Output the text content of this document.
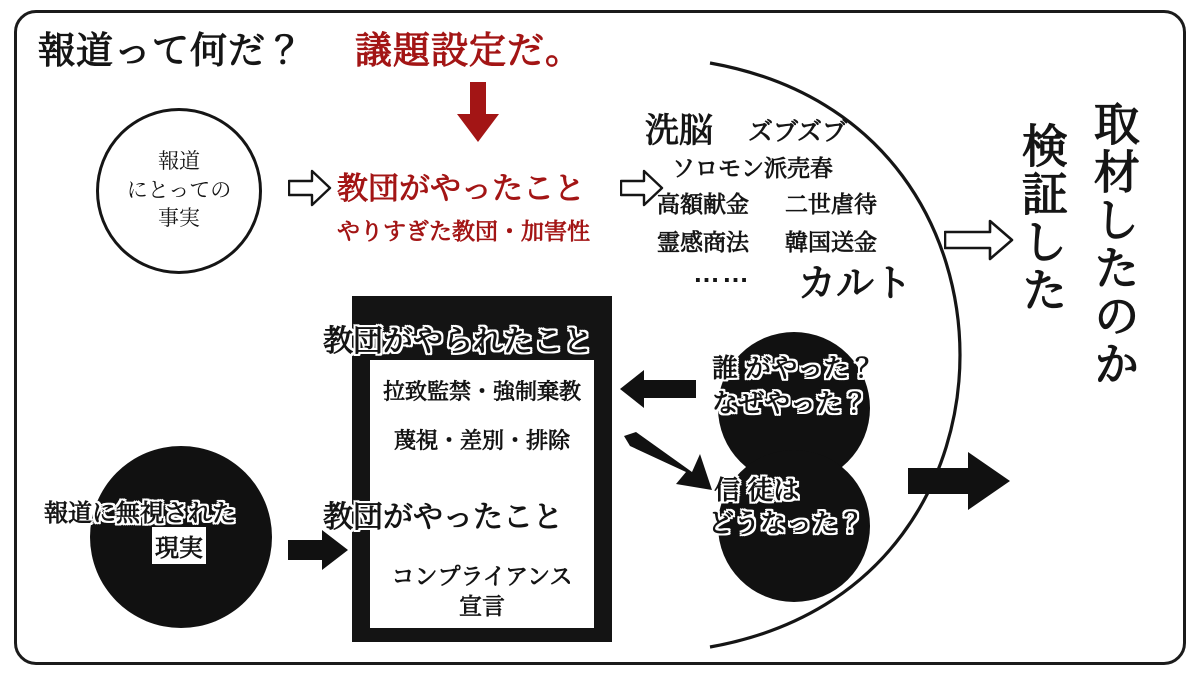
報道って何だ？ 議題設定だ。
報道
にとっての
事実
教団がやったこと
やりすぎた教団・加害性
洗脳 ズブズブ
ソロモン派売春
高額献金 二世虐待
霊感商法 韓国送金
…… カルト	取材したのか
検証した
教団がやられたこと
拉致監禁・強制棄教
蔑視・差別・排除
教団がやったこと
コンプライアンス
宣言
報道に無視された
現実
誰 がやった？
なぜやった？
信 徒は
どうなった？
